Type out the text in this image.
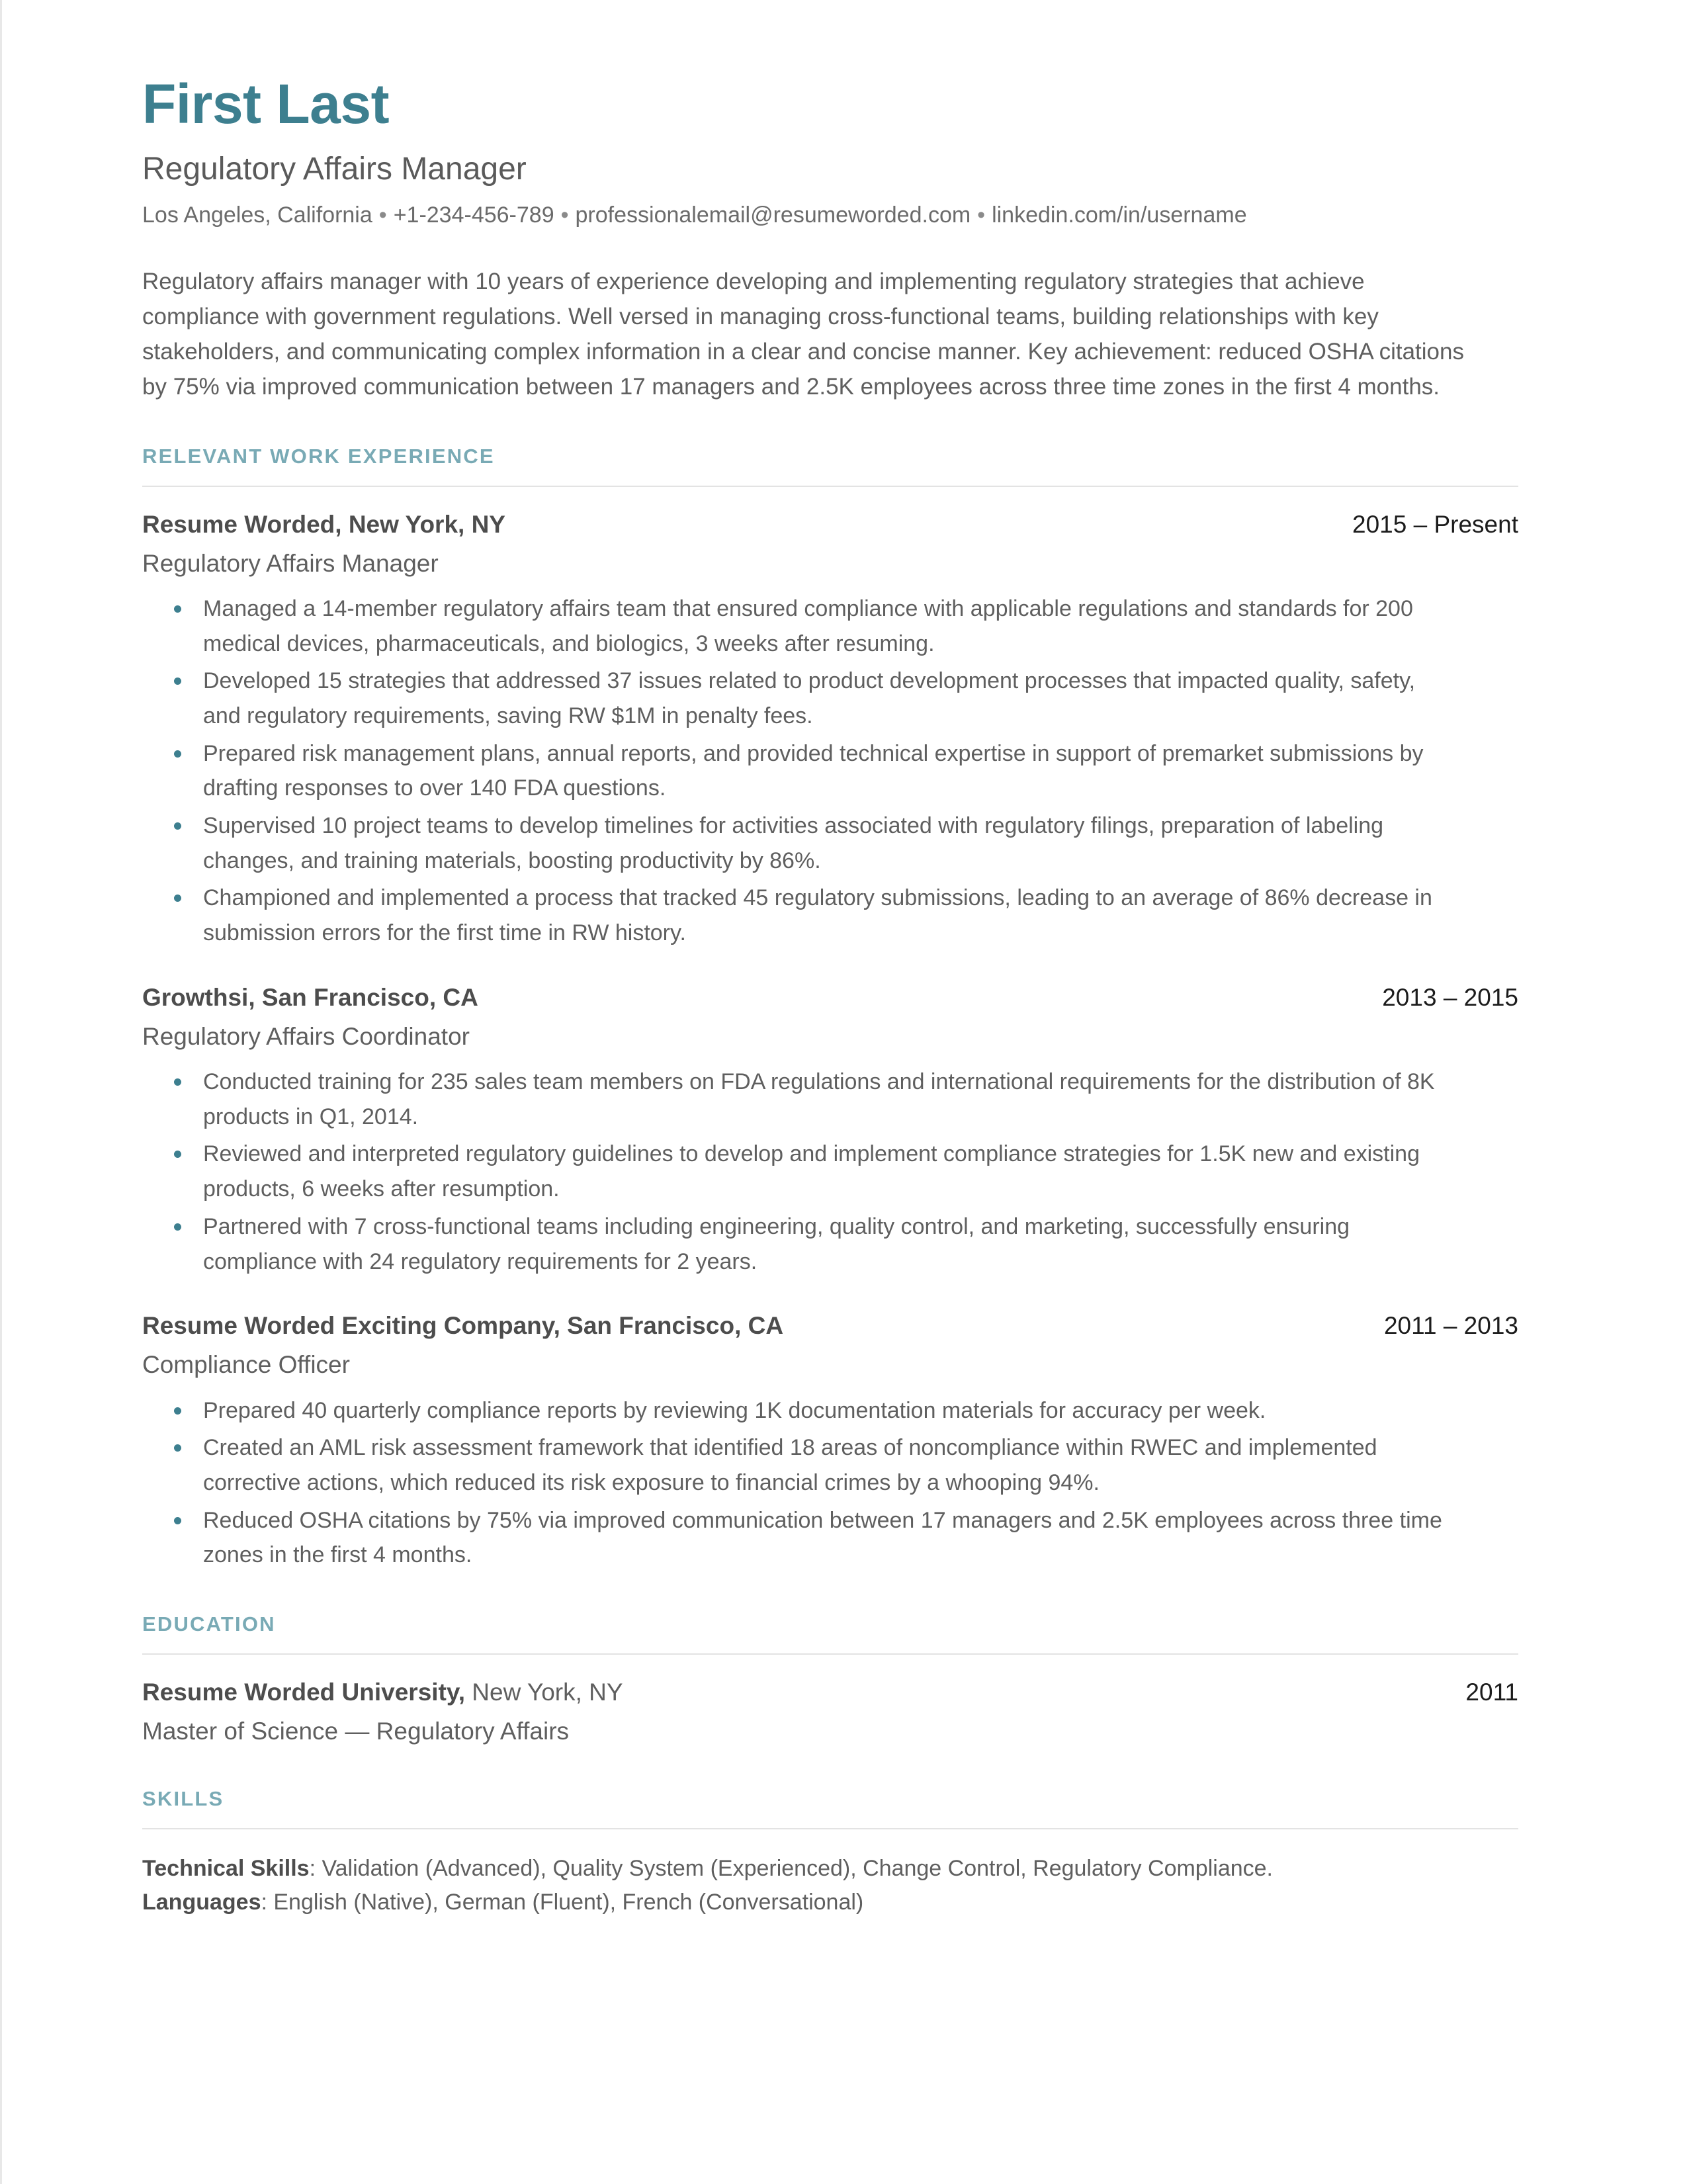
First Last
Regulatory Affairs Manager
Los Angeles, California • +1-234-456-789 • professionalemail@resumeworded.com • linkedin.com/in/username
Regulatory affairs manager with 10 years of experience developing and implementing regulatory strategies that achieve compliance with government regulations. Well versed in managing cross-functional teams, building relationships with key stakeholders, and communicating complex information in a clear and concise manner. Key achievement: reduced OSHA citations by 75% via improved communication between 17 managers and 2.5K employees across three time zones in the first 4 months.
RELEVANT WORK EXPERIENCE
Resume Worded, New York, NY	2015 – Present
Regulatory Affairs Manager
Managed a 14-member regulatory affairs team that ensured compliance with applicable regulations and standards for 200 medical devices, pharmaceuticals, and biologics, 3 weeks after resuming.
Developed 15 strategies that addressed 37 issues related to product development processes that impacted quality, safety, and regulatory requirements, saving RW $1M in penalty fees.
Prepared risk management plans, annual reports, and provided technical expertise in support of premarket submissions by drafting responses to over 140 FDA questions.
Supervised 10 project teams to develop timelines for activities associated with regulatory filings, preparation of labeling changes, and training materials, boosting productivity by 86%.
Championed and implemented a process that tracked 45 regulatory submissions, leading to an average of 86% decrease in submission errors for the first time in RW history.
Growthsi, San Francisco, CA	2013 – 2015
Regulatory Affairs Coordinator
Conducted training for 235 sales team members on FDA regulations and international requirements for the distribution of 8K products in Q1, 2014.
Reviewed and interpreted regulatory guidelines to develop and implement compliance strategies for 1.5K new and existing products, 6 weeks after resumption.
Partnered with 7 cross-functional teams including engineering, quality control, and marketing, successfully ensuring compliance with 24 regulatory requirements for 2 years.
Resume Worded Exciting Company, San Francisco, CA	2011 – 2013
Compliance Officer
Prepared 40 quarterly compliance reports by reviewing 1K documentation materials for accuracy per week.
Created an AML risk assessment framework that identified 18 areas of noncompliance within RWEC and implemented corrective actions, which reduced its risk exposure to financial crimes by a whooping 94%.
Reduced OSHA citations by 75% via improved communication between 17 managers and 2.5K employees across three time zones in the first 4 months.
EDUCATION
Resume Worded University, New York, NY	2011
Master of Science — Regulatory Affairs
SKILLS
Technical Skills: Validation (Advanced), Quality System (Experienced), Change Control, Regulatory Compliance.
Languages: English (Native), German (Fluent), French (Conversational)
